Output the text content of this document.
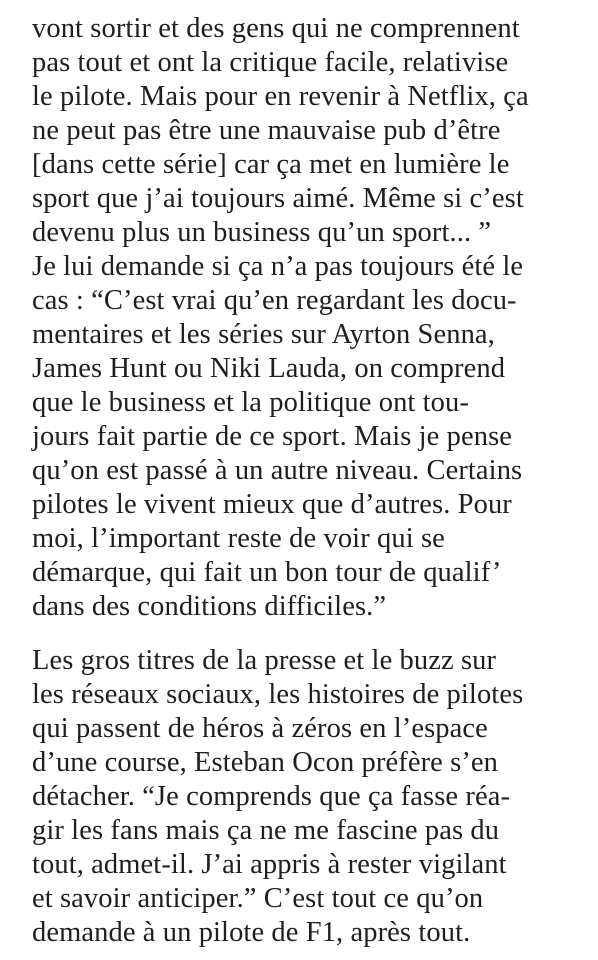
vont sortir et des gens qui ne comprennent
pas tout et ont la critique facile, relativise
le pilote. Mais pour en revenir à Netflix, ça
ne peut pas être une mauvaise pub d’être
[dans cette série] car ça met en lumière le
sport que j’ai toujours aimé. Même si c’est
devenu plus un business qu’un sport... ”
Je lui demande si ça n’a pas toujours été le
cas : “C’est vrai qu’en regardant les docu-
mentaires et les séries sur Ayrton Senna,
James Hunt ou Niki Lauda, on comprend
que le business et la politique ont tou-
jours fait partie de ce sport. Mais je pense
qu’on est passé à un autre niveau. Certains
pilotes le vivent mieux que d’autres. Pour
moi, l’important reste de voir qui se
démarque, qui fait un bon tour de qualif’
dans des conditions difficiles.”
Les gros titres de la presse et le buzz sur
les réseaux sociaux, les histoires de pilotes
qui passent de héros à zéros en l’espace
d’une course, Esteban Ocon préfère s’en
détacher. “Je comprends que ça fasse réa-
gir les fans mais ça ne me fascine pas du
tout, admet-il. J’ai appris à rester vigilant
et savoir anticiper.” C’est tout ce qu’on
demande à un pilote de F1, après tout.
